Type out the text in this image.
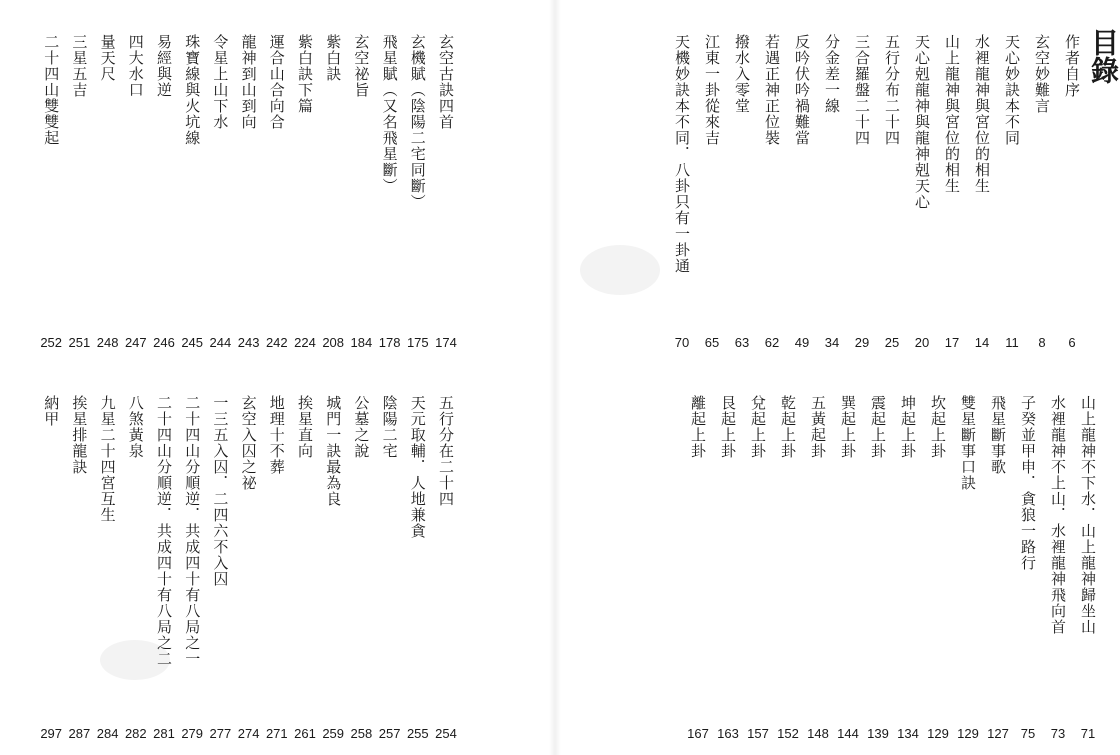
目錄
作者自序
6
玄空妙難言
8
天心妙訣本不同
11
水裡龍神與宮位的相生
14
山上龍神與宮位的相生
17
天心剋龍神與龍神剋天心
20
五行分布二十四
25
三合羅盤二十四
29
分金差一線
34
反吟伏吟禍難當
49
若遇正神正位裝
62
撥水入零堂
63
江東一卦從來吉
65
天機妙訣本不同．八卦只有一卦通
70
山上龍神不下水．山上龍神歸坐山
71
水裡龍神不上山．水裡龍神飛向首
73
子癸並甲申．貪狼一路行
75
飛星斷事歌
127
雙星斷事口訣
129
坎起上卦
129
坤起上卦
134
震起上卦
139
巽起上卦
144
五黃起卦
148
乾起上卦
152
兌起上卦
157
艮起上卦
163
離起上卦
167
玄空古訣四首
174
玄機賦（陰陽二宅同斷）
175
飛星賦（又名飛星斷）
178
玄空祕旨
184
紫白訣
208
紫白訣下篇
224
運合山合向合
242
龍神到山到向
243
令星上山下水
244
珠寶線與火坑線
245
易經與逆
246
四大水口
247
量天尺
248
三星五吉
251
二十四山雙雙起
252
五行分在二十四
254
天元取輔．人地兼貪
255
陰陽二宅
257
公墓之說
258
城門一訣最為良
259
挨星直向
261
地理十不葬
271
玄空入囚之祕
274
一三五入囚．二四六不入囚
277
二十四山分順逆．共成四十有八局之一
279
二十四山分順逆．共成四十有八局之二
281
八煞黃泉
282
九星二十四宮互生
284
挨星排龍訣
287
納甲
297
